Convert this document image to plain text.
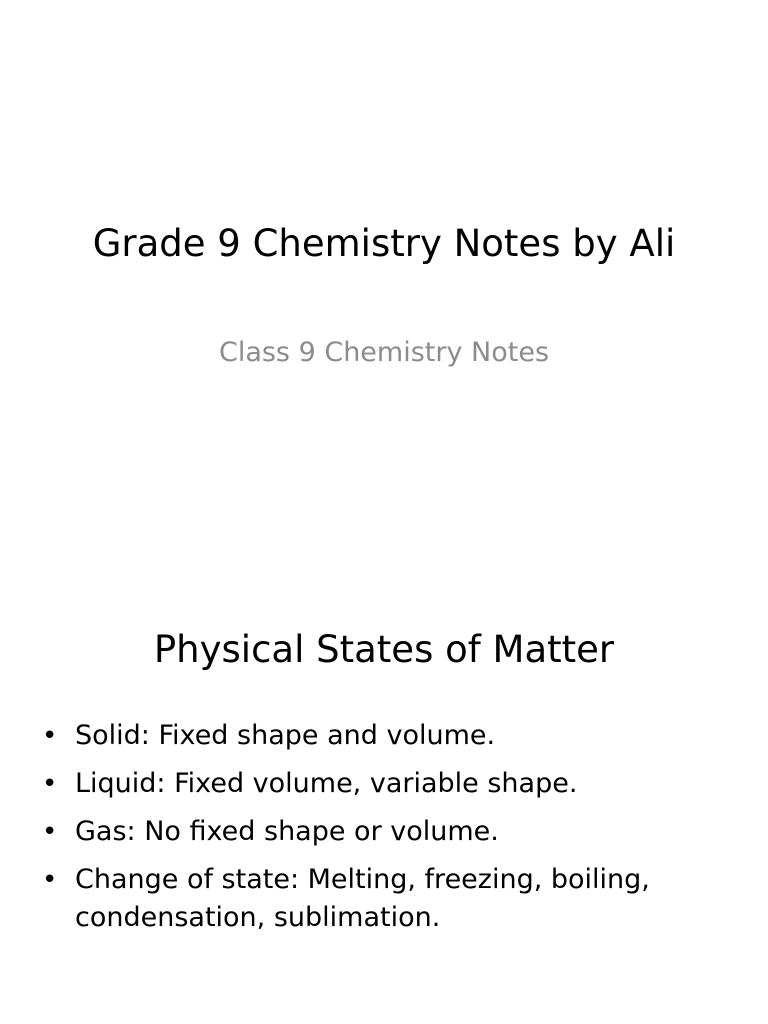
Grade 9 Chemistry Notes by Ali
Class 9 Chemistry Notes
Physical States of Matter
• Solid: Fixed shape and volume.
• Liquid: Fixed volume, variable shape.
• Gas: No fixed shape or volume.
• Change of state: Melting, freezing, boiling, condensation, sublimation.
